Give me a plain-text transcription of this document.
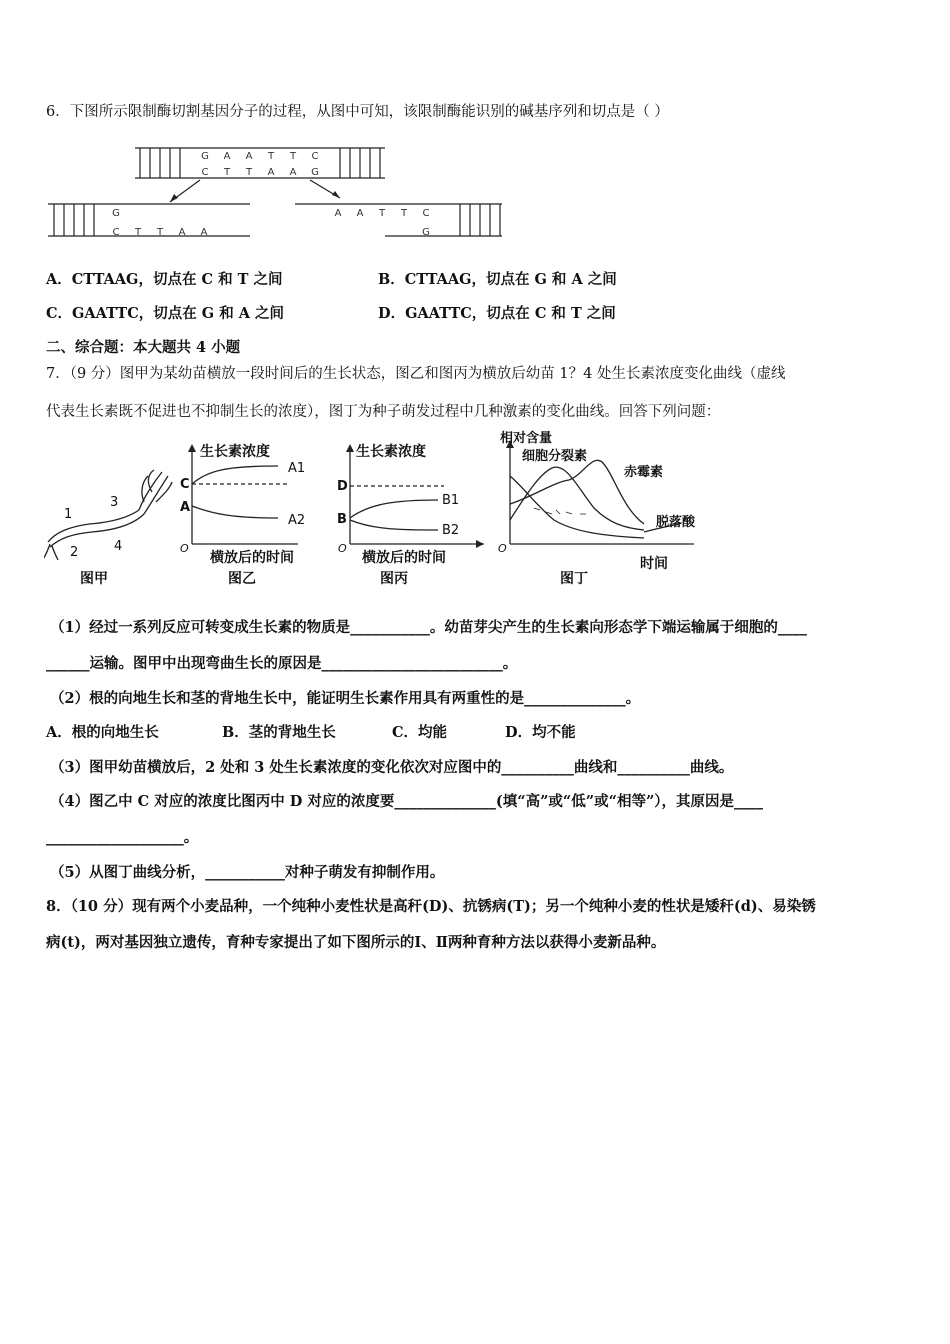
6．下图所示限制酶切割基因分子的过程，从图中可知，该限制酶能识别的碱基序列和切点是（ ）
G A A T T C
C T T A A G
G
C T T A A
A A T T C
G
A．CTTAAG，切点在 C 和 T 之间	B．CTTAAG，切点在 G 和 A 之间
C．GAATTC，切点在 G 和 A 之间	D．GAATTC，切点在 C 和 T 之间
二、综合题：本大题共 4 小题
7．（9 分）图甲为某幼苗横放一段时间后的生长状态，图乙和图丙为横放后幼苗 1？4 处生长素浓度变化曲线（虚线
代表生长素既不促进也不抑制生长的浓度），图丁为种子萌发过程中几种激素的变化曲线。回答下列问题：
1
2
3
4
图甲
生长素浓度
C
A
A1
A2
O
横放后的时间
图乙
生长素浓度
D
B
B1
B2
O
横放后的时间
图丙
相对含量
细胞分裂素
赤霉素
脱落酸
O
时间
图丁
（1）经过一系列反应可转变成生长素的物质是___________。幼苗芽尖产生的生长素向形态学下端运输属于细胞的____
______运输。图甲中出现弯曲生长的原因是_________________________。
（2）根的向地生长和茎的背地生长中，能证明生长素作用具有两重性的是______________。
A．根的向地生长	B．茎的背地生长	C．均能	D．均不能
（3）图甲幼苗横放后，2 处和 3 处生长素浓度的变化依次对应图中的__________曲线和__________曲线。
（4）图乙中 C 对应的浓度比图丙中 D 对应的浓度要______________(填“高”或“低”或“相等”），其原因是____
___________________。
（5）从图丁曲线分析，___________对种子萌发有抑制作用。
8．（10 分）现有两个小麦品种，一个纯种小麦性状是高秆(D)、抗锈病(T)；另一个纯种小麦的性状是矮秆(d)、易染锈
病(t)，两对基因独立遗传，育种专家提出了如下图所示的Ⅰ、Ⅱ两种育种方法以获得小麦新品种。
